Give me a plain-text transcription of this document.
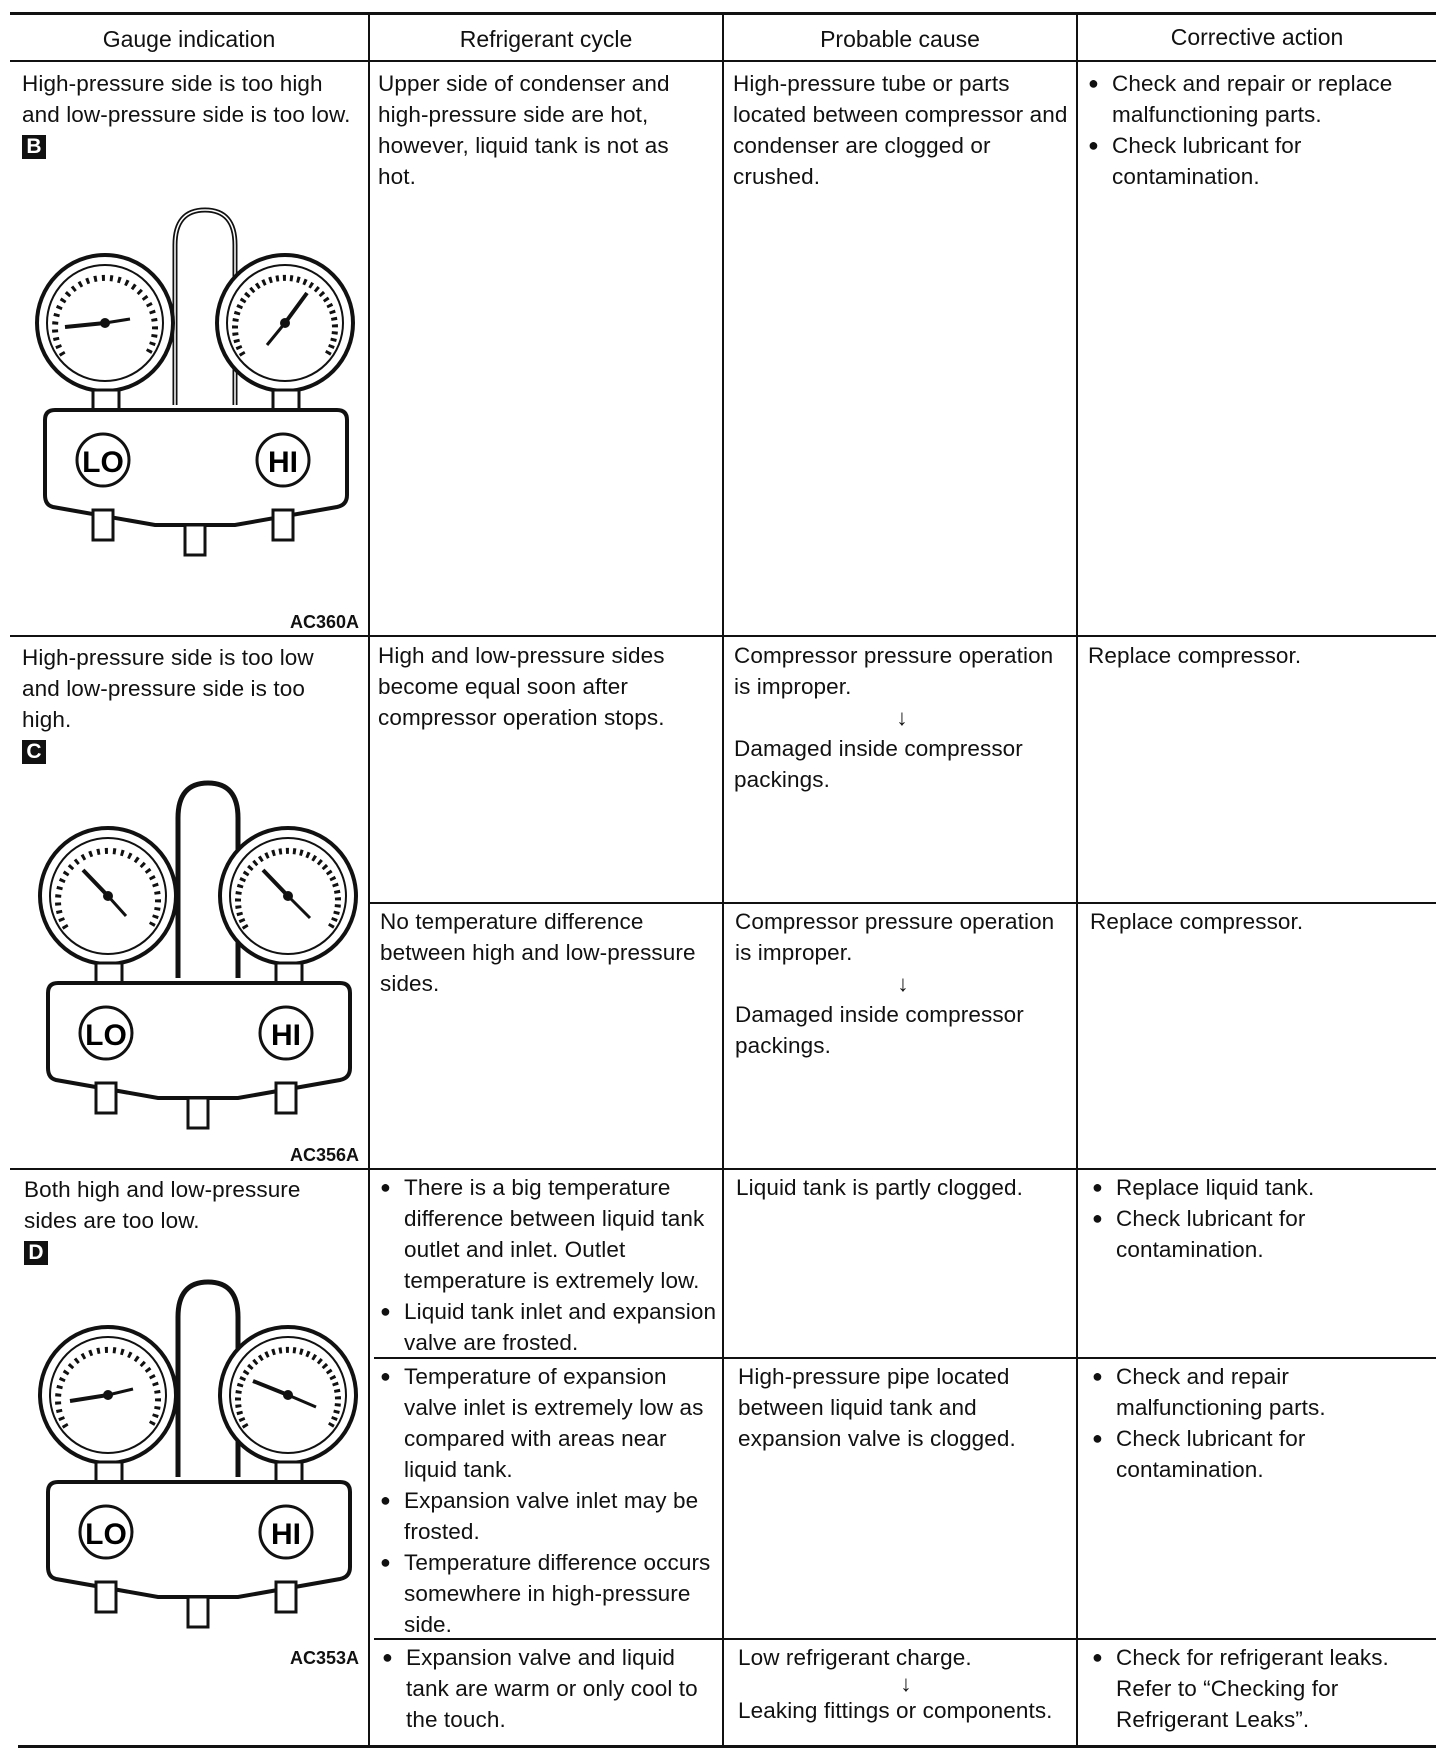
Gauge indication	Refrigerant cycle	Probable cause	Corrective action
High-pressure side is too high and low-pressure side is too low.
B
LO	HI
AC360A
Upper side of condenser and high-pressure side are hot, however, liquid tank is not as hot.
High-pressure tube or parts located between compressor and condenser are clogged or crushed.
● Check and repair or replace malfunctioning parts.
● Check lubricant for contamination.
High-pressure side is too low and low-pressure side is too high.
C
LO	HI
AC356A
High and low-pressure sides become equal soon after compressor operation stops.
Compressor pressure operation is improper.
↓
Damaged inside compressor packings.
Replace compressor.
No temperature difference between high and low-pressure sides.
Compressor pressure operation is improper.
↓
Damaged inside compressor packings.
Replace compressor.
Both high and low-pressure sides are too low.
D
LO	HI
AC353A
● There is a big temperature difference between liquid tank outlet and inlet. Outlet temperature is extremely low.
● Liquid tank inlet and expansion valve are frosted.
Liquid tank is partly clogged.
●	Replace liquid tank.
● Check lubricant for contamination.
● Temperature of expansion valve inlet is extremely low as compared with areas near liquid tank.
● Expansion valve inlet may be frosted.
● Temperature difference occurs somewhere in high-pressure side.
High-pressure pipe located between liquid tank and expansion valve is clogged.
● Check and repair malfunctioning parts.
● Check lubricant for contamination.
● Expansion valve and liquid tank are warm or only cool to the touch.
Low refrigerant charge.
↓
Leaking fittings or components.
● Check for refrigerant leaks. Refer to “Checking for Refrigerant Leaks”.
